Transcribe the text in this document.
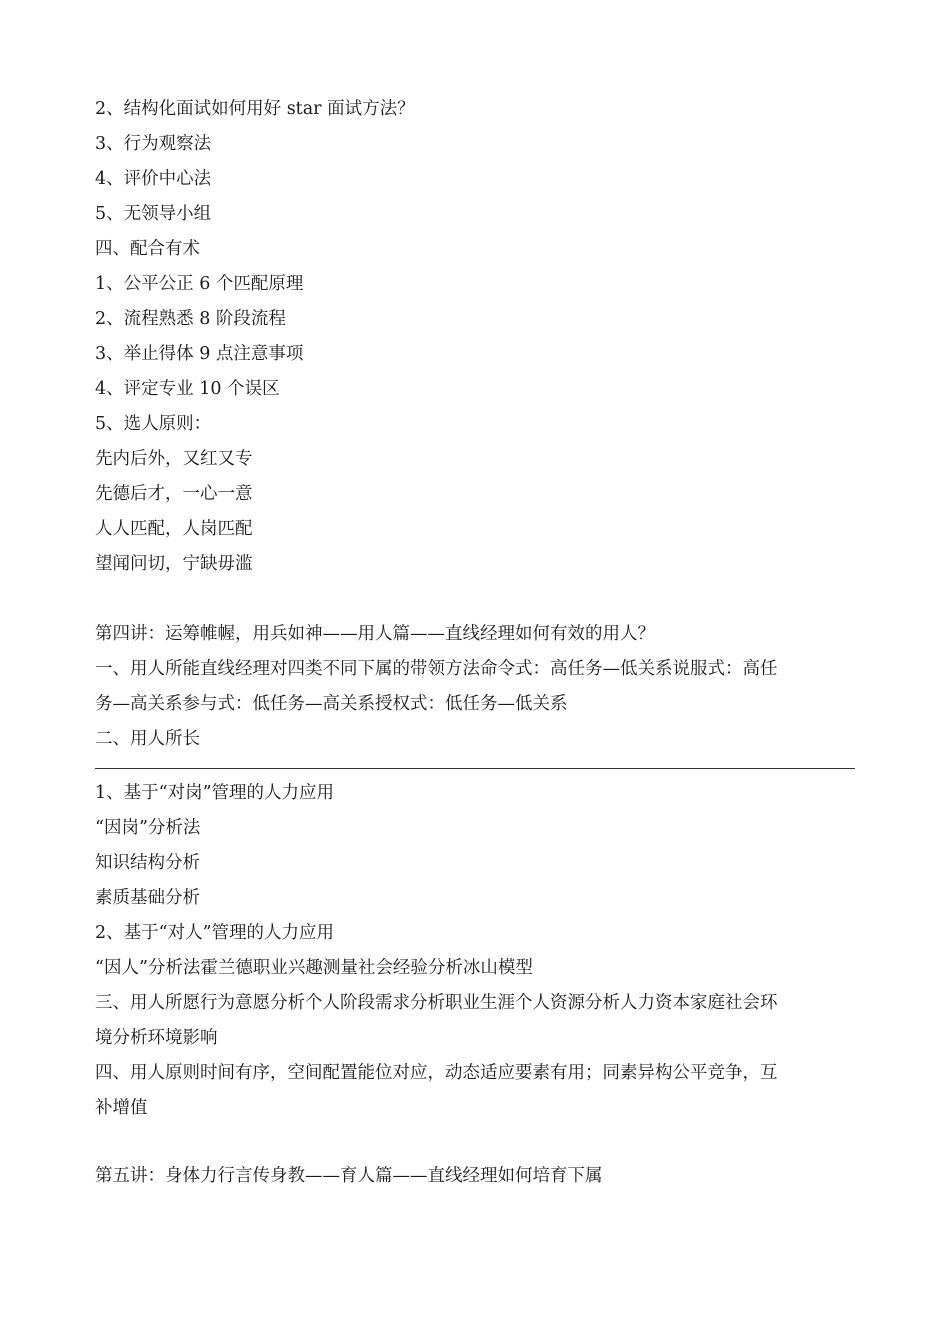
2、结构化面试如何用好 star 面试方法？
3、行为观察法
4、评价中心法
5、无领导小组
四、配合有术
1、公平公正 6 个匹配原理
2、流程熟悉 8 阶段流程
3、举止得体 9 点注意事项
4、评定专业 10 个误区
5、选人原则：
先内后外，又红又专
先德后才，一心一意
人人匹配，人岗匹配
望闻问切，宁缺毋滥
第四讲：运筹帷幄，用兵如神——用人篇——直线经理如何有效的用人？
一、用人所能直线经理对四类不同下属的带领方法命令式：高任务—低关系说服式：高任
务—高关系参与式：低任务—高关系授权式：低任务—低关系
二、用人所长
1、基于“对岗”管理的人力应用
“因岗”分析法
知识结构分析
素质基础分析
2、基于“对人”管理的人力应用
“因人”分析法霍兰德职业兴趣测量社会经验分析冰山模型
三、用人所愿行为意愿分析个人阶段需求分析职业生涯个人资源分析人力资本家庭社会环
境分析环境影响
四、用人原则时间有序，空间配置能位对应，动态适应要素有用；同素异构公平竞争，互
补增值
第五讲：身体力行言传身教——育人篇——直线经理如何培育下属
